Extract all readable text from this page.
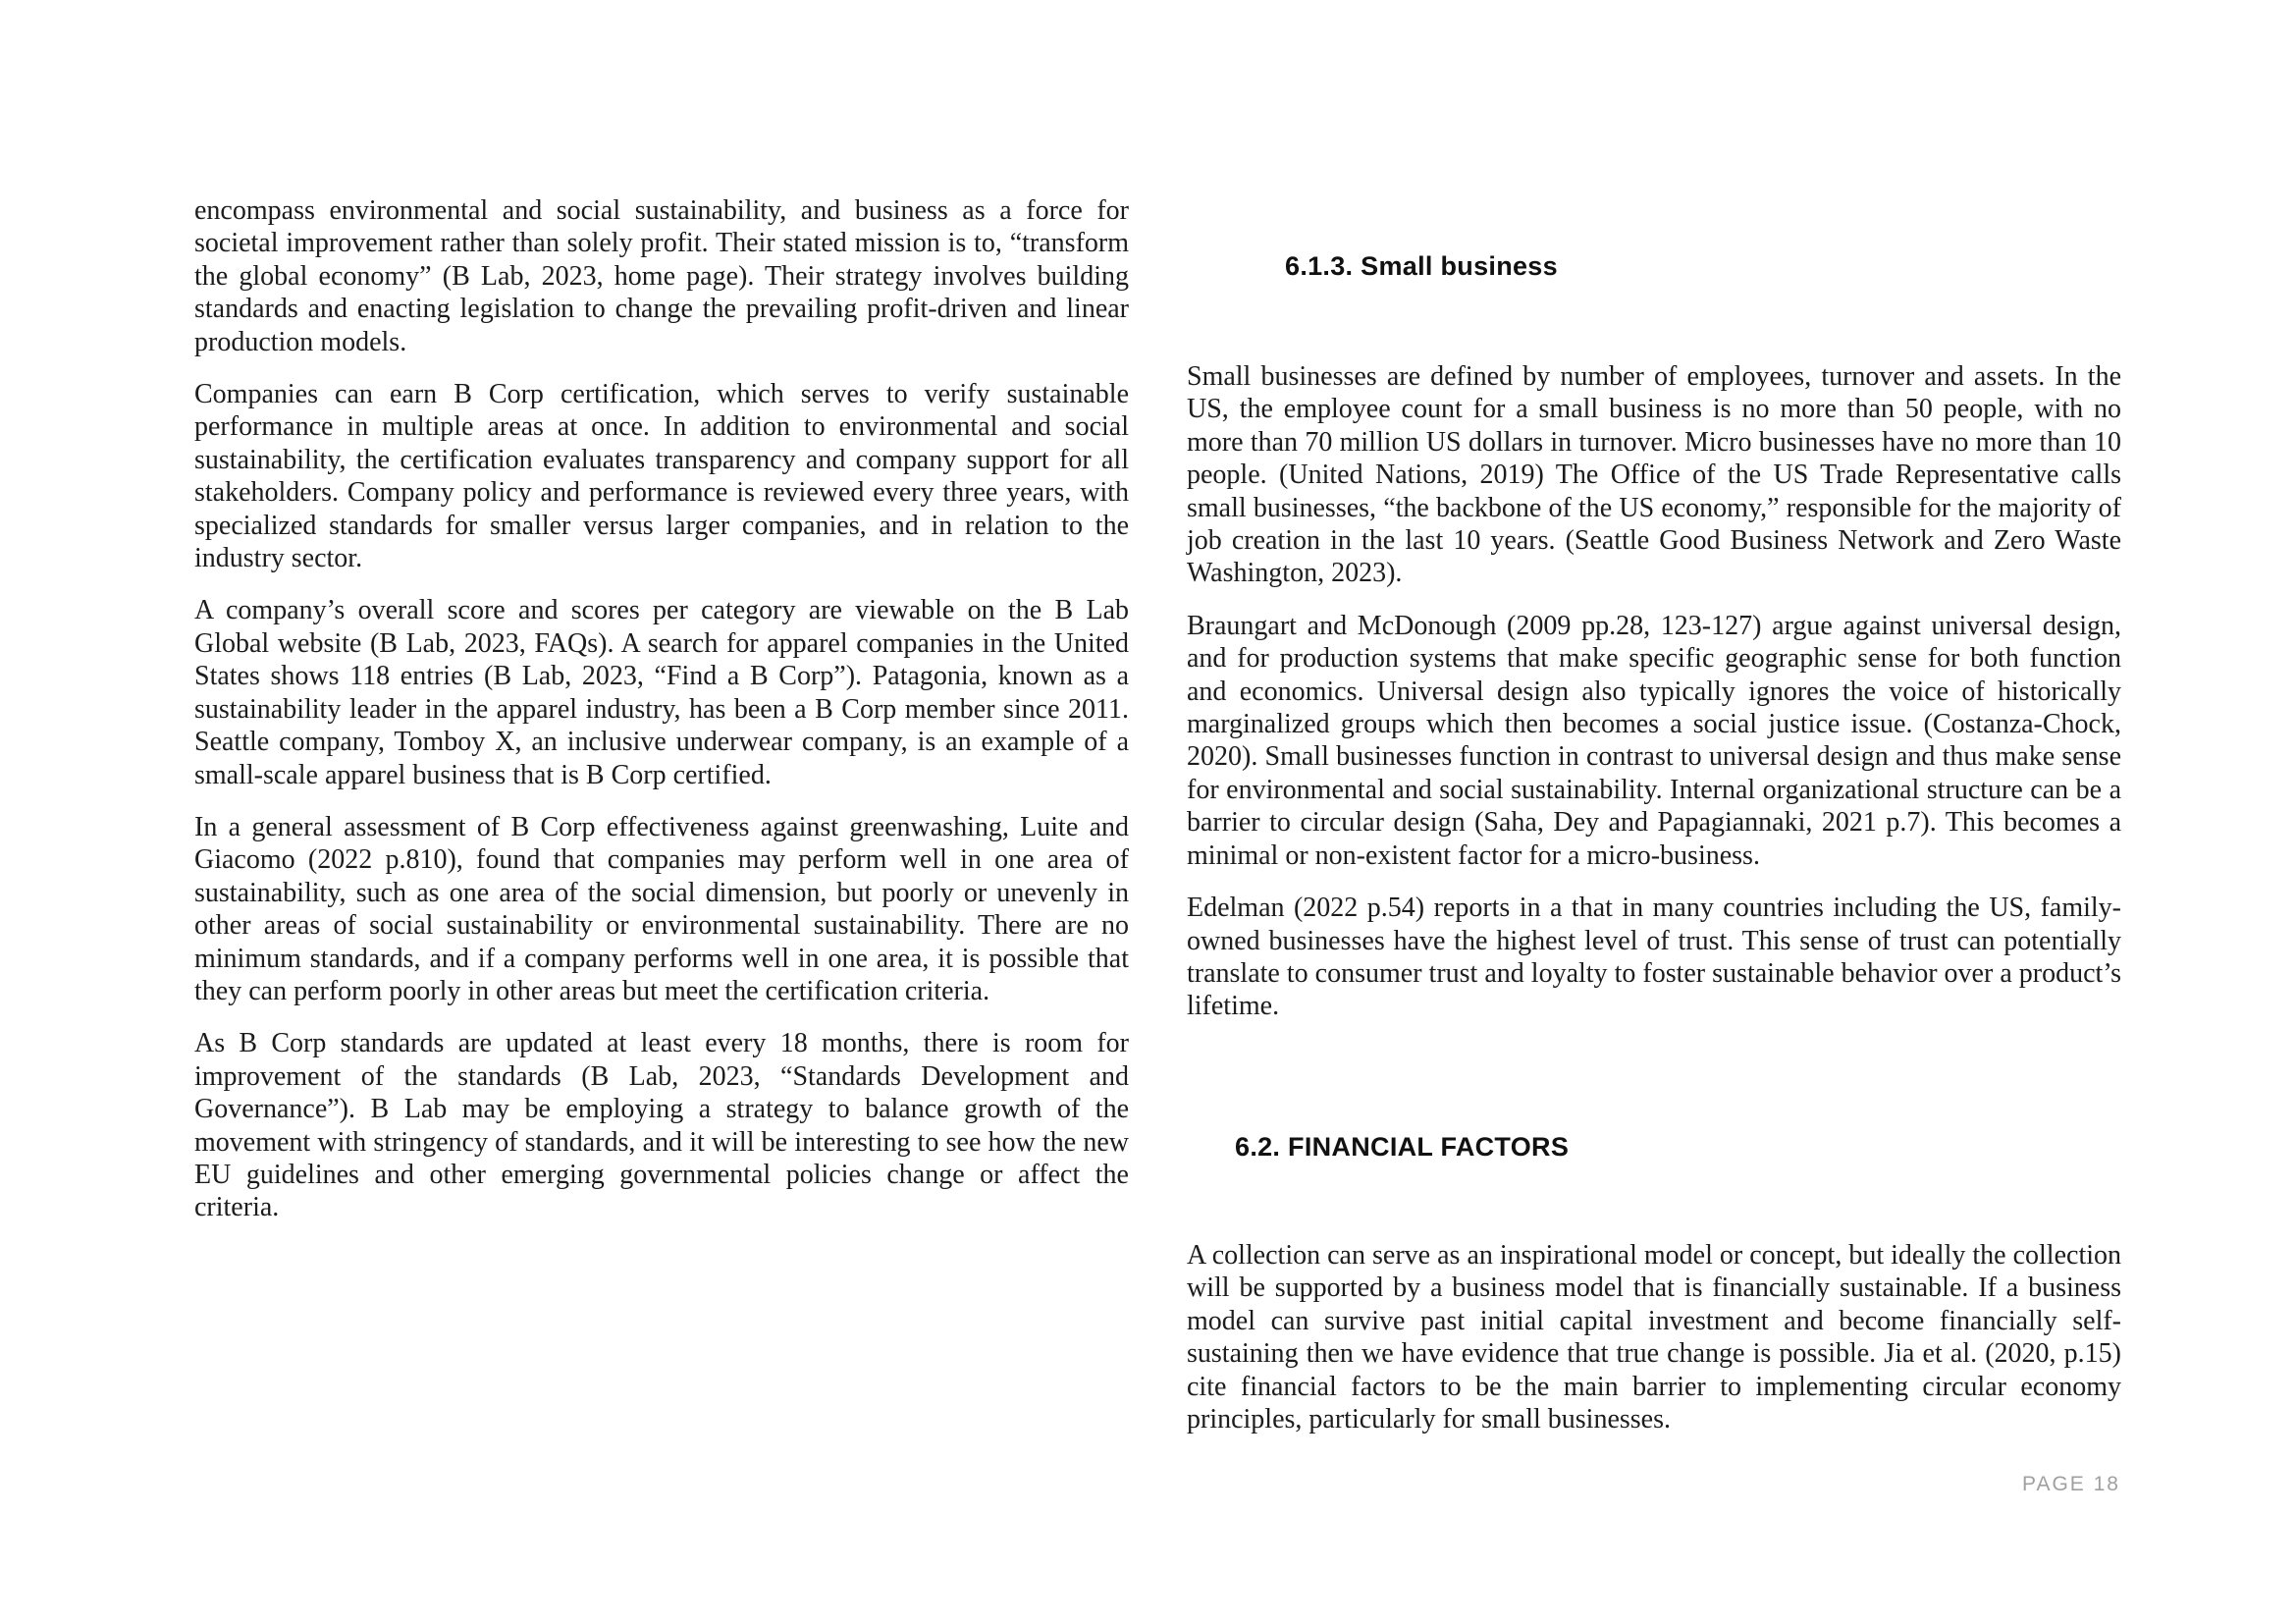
encompass environmental and social sustainability, and business as a force for societal improvement rather than solely profit. Their stated mission is to, “transform the global economy” (B Lab, 2023, home page). Their strategy involves building standards and enacting legislation to change the prevailing profit-driven and linear production models.

Companies can earn B Corp certification, which serves to verify sustainable performance in multiple areas at once. In addition to environmental and social sustainability, the certification evaluates transparency and company support for all stakeholders. Company policy and performance is reviewed every three years, with specialized standards for smaller versus larger companies, and in relation to the industry sector.

A company’s overall score and scores per category are viewable on the B Lab Global website (B Lab, 2023, FAQs). A search for apparel companies in the United States shows 118 entries (B Lab, 2023, “Find a B Corp”). Patagonia, known as a sustainability leader in the apparel industry, has been a B Corp member since 2011. Seattle company, Tomboy X, an inclusive underwear company, is an example of a small-scale apparel business that is B Corp certified.

In a general assessment of B Corp effectiveness against greenwashing, Luite and Giacomo (2022 p.810), found that companies may perform well in one area of sustainability, such as one area of the social dimension, but poorly or unevenly in other areas of social sustainability or environmental sustainability. There are no minimum standards, and if a company performs well in one area, it is possible that they can perform poorly in other areas but meet the certification criteria.

As B Corp standards are updated at least every 18 months, there is room for improvement of the standards (B Lab, 2023, “Standards Development and Governance”). B Lab may be employing a strategy to balance growth of the movement with stringency of standards, and it will be interesting to see how the new EU guidelines and other emerging governmental policies change or affect the criteria.

6.1.3. Small business

Small businesses are defined by number of employees, turnover and assets. In the US, the employee count for a small business is no more than 50 people, with no more than 70 million US dollars in turnover. Micro businesses have no more than 10 people. (United Nations, 2019) The Office of the US Trade Representative calls small businesses, “the backbone of the US economy,” responsible for the majority of job creation in the last 10 years. (Seattle Good Business Network and Zero Waste Washington, 2023).

Braungart and McDonough (2009 pp.28, 123-127) argue against universal design, and for production systems that make specific geographic sense for both function and economics. Universal design also typically ignores the voice of historically marginalized groups which then becomes a social justice issue. (Costanza-Chock, 2020). Small businesses function in contrast to universal design and thus make sense for environmental and social sustainability. Internal organizational structure can be a barrier to circular design (Saha, Dey and Papagiannaki, 2021 p.7). This becomes a minimal or non-existent factor for a micro-business.

Edelman (2022 p.54) reports in a that in many countries including the US, family-owned businesses have the highest level of trust. This sense of trust can potentially translate to consumer trust and loyalty to foster sustainable behavior over a product’s lifetime.

6.2. FINANCIAL FACTORS

A collection can serve as an inspirational model or concept, but ideally the collection will be supported by a business model that is financially sustainable. If a business model can survive past initial capital investment and become financially self-sustaining then we have evidence that true change is possible. Jia et al. (2020, p.15) cite financial factors to be the main barrier to implementing circular economy principles, particularly for small businesses.

PAGE 18
